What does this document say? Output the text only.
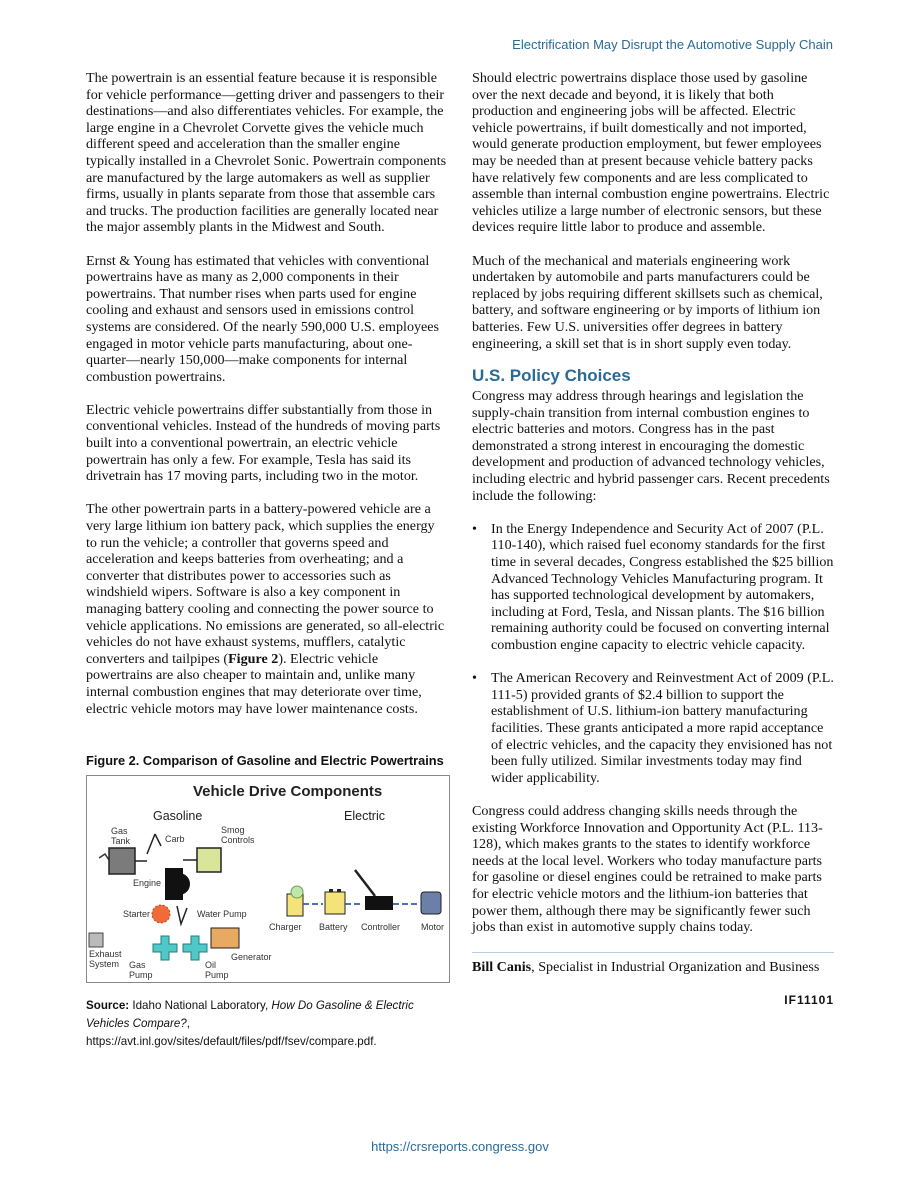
Electrification May Disrupt the Automotive Supply Chain

The powertrain is an essential feature because it is responsible for vehicle performance—getting driver and passengers to their destinations—and also differentiates vehicles. For example, the large engine in a Chevrolet Corvette gives the vehicle much different speed and acceleration than the smaller engine typically installed in a Chevrolet Sonic. Powertrain components are manufactured by the large automakers as well as supplier firms, usually in plants separate from those that assemble cars and trucks. The production facilities are generally located near the major assembly plants in the Midwest and South.

Ernst & Young has estimated that vehicles with conventional powertrains have as many as 2,000 components in their powertrains. That number rises when parts used for engine cooling and exhaust and sensors used in emissions control systems are considered. Of the nearly 590,000 U.S. employees engaged in motor vehicle parts manufacturing, about one-quarter—nearly 150,000—make components for internal combustion powertrains.

Electric vehicle powertrains differ substantially from those in conventional vehicles. Instead of the hundreds of moving parts built into a conventional powertrain, an electric vehicle powertrain has only a few. For example, Tesla has said its drivetrain has 17 moving parts, including two in the motor.

The other powertrain parts in a battery-powered vehicle are a very large lithium ion battery pack, which supplies the energy to run the vehicle; a controller that governs speed and acceleration and keeps batteries from overheating; and a converter that distributes power to accessories such as windshield wipers. Software is also a key component in managing battery cooling and connecting the power source to vehicle applications. No emissions are generated, so all-electric vehicles do not have exhaust systems, mufflers, catalytic converters and tailpipes (Figure 2). Electric vehicle powertrains are also cheaper to maintain and, unlike many internal combustion engines that may deteriorate over time, electric vehicle motors may have lower maintenance costs.

Figure 2. Comparison of Gasoline and Electric Powertrains
Vehicle Drive Components
Gasoline	Electric
Gas
Tank	Carb
Smog
Controls
Engine
Starter	Water Pump
Generator
Exhaust
System Gas
Pump
Oil
Pump
Charger Battery Controller Motor
Source: Idaho National Laboratory, How Do Gasoline & Electric Vehicles Compare?, https://avt.inl.gov/sites/default/files/pdf/fsev/compare.pdf.

Should electric powertrains displace those used by gasoline over the next decade and beyond, it is likely that both production and engineering jobs will be affected. Electric vehicle powertrains, if built domestically and not imported, would generate production employment, but fewer employees may be needed than at present because vehicle battery packs have relatively few components and are less complicated to assemble than internal combustion engine powertrains. Electric vehicles utilize a large number of electronic sensors, but these devices require little labor to produce and assemble.

Much of the mechanical and materials engineering work undertaken by automobile and parts manufacturers could be replaced by jobs requiring different skillsets such as chemical, battery, and software engineering or by imports of lithium ion batteries. Few U.S. universities offer degrees in battery engineering, a skill set that is in short supply even today.

U.S. Policy Choices

Congress may address through hearings and legislation the supply-chain transition from internal combustion engines to electric batteries and motors. Congress has in the past demonstrated a strong interest in encouraging the domestic development and production of advanced technology vehicles, including electric and hybrid passenger cars. Recent precedents include the following:

• In the Energy Independence and Security Act of 2007 (P.L. 110-140), which raised fuel economy standards for the first time in several decades, Congress established the $25 billion Advanced Technology Vehicles Manufacturing program. It has supported technological development by automakers, including at Ford, Tesla, and Nissan plants. The $16 billion remaining authority could be focused on converting internal combustion engine capacity to electric vehicle capacity.
• The American Recovery and Reinvestment Act of 2009 (P.L. 111-5) provided grants of $2.4 billion to support the establishment of U.S. lithium-ion battery manufacturing facilities. These grants anticipated a more rapid acceptance of electric vehicles, and the capacity they envisioned has not been fully utilized. Similar investments today may find wider applicability.

Congress could address changing skills needs through the existing Workforce Innovation and Opportunity Act (P.L. 113-128), which makes grants to the states to identify workforce needs at the local level. Workers who today manufacture parts for gasoline or diesel engines could be retrained to make parts for electric vehicle motors and the lithium-ion batteries that power them, although there may be significantly fewer such jobs than exist in automotive supply chains today.

Bill Canis, Specialist in Industrial Organization and Business

IF11101
https://crsreports.congress.gov
